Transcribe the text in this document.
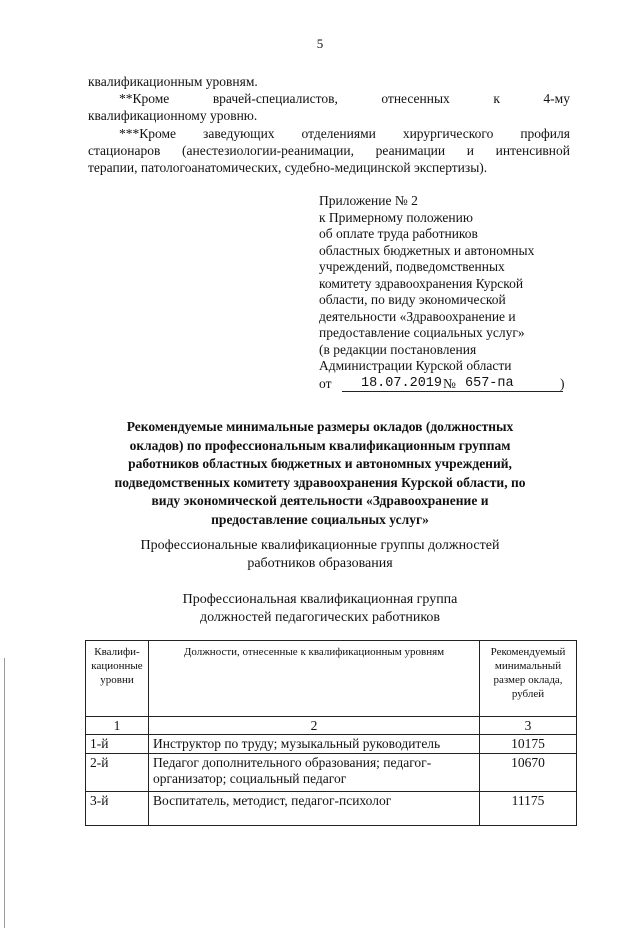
5
квалификационным уровням.
**Кроме	врачей-специалистов,	отнесенных	к	4-му
квалификационному уровню.
***Кроме заведующих отделениями хирургического профиля
стационаров (анестезиологии-реанимации, реанимации и интенсивной
терапии, патологоанатомических, судебно-медицинской экспертизы).
Приложение № 2
к Примерному положению
об оплате труда работников
областных бюджетных и автономных
учреждений, подведомственных
комитету здравоохранения Курской
области, по виду экономической
деятельности «Здравоохранение и
предоставление социальных услуг»
(в редакции постановления
Администрации Курской области
от	18.07.2019 № 657-па	)
Рекомендуемые минимальные размеры окладов (должностных
окладов) по профессиональным квалификационным группам
работников областных бюджетных и автономных учреждений,
подведомственных комитету здравоохранения Курской области, по
виду экономической деятельности «Здравоохранение и
предоставление социальных услуг»
Профессиональные квалификационные группы должностей
работников образования
Профессиональная квалификационная группа
должностей педагогических работников
Квалифи-
кационные
уровни	Должности, отнесенные к квалификационным уровням	Рекомендуемый
минимальный
размер оклада,
рублей
1	2	3
1-й	Инструктор по труду; музыкальный руководитель	10175
2-й	Педагог дополнительного образования; педагог-
организатор; социальный педагог	10670
3-й	Воспитатель, методист, педагог-психолог	11175
